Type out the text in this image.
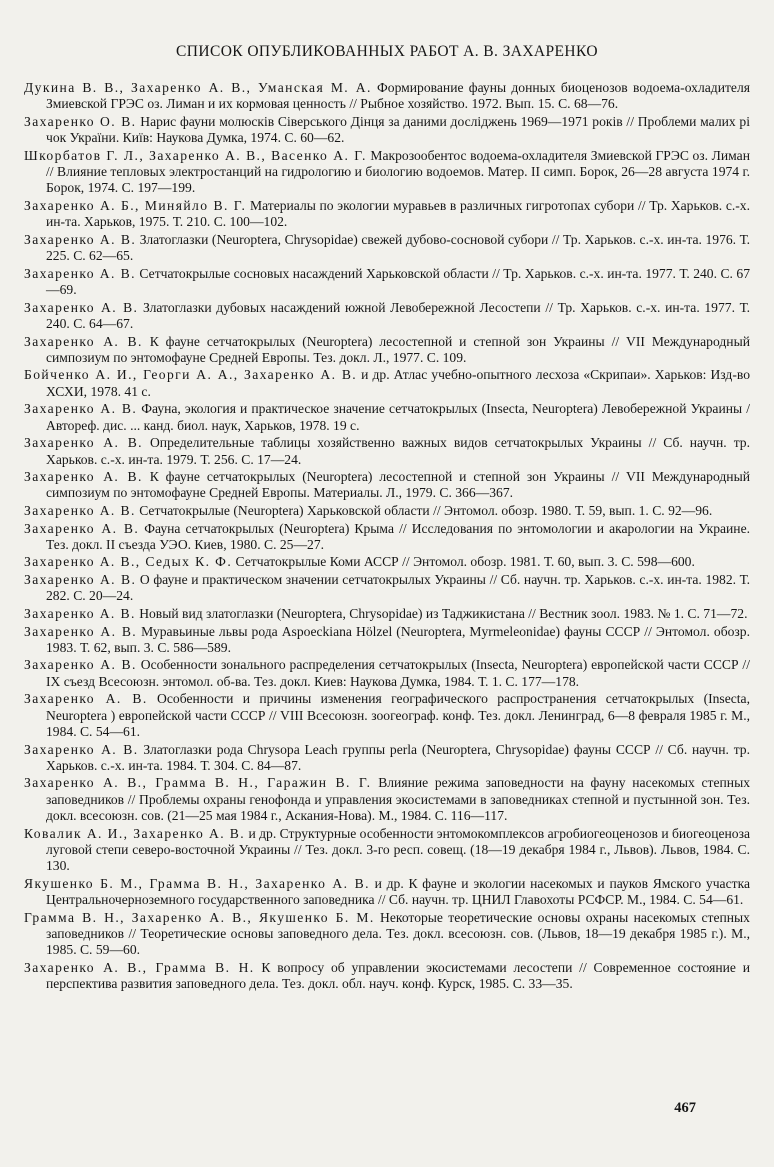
СПИСОК ОПУБЛИКОВАННЫХ РАБОТ А. В. ЗАХАРЕНКО

Дукина В. В., Захаренко А. В., Уманская М. А. Формирование фауны донных биоценозов водоема-охладителя Змиевской ГРЭС оз. Лиман и их кормовая ценность // Рыбное хозяйство. 1972. Вып. 15. С. 68—76.

Захаренко О. В. Нарис фауни молюсків Сіверського Дінця за даними досліджень 1969—1971 років // Проблеми малих рі чок України. Київ: Наукова Думка, 1974. С. 60—62.

Шкорбатов Г. Л., Захаренко А. В., Васенко А. Г. Макрозообентос водоема-охладителя Змиевской ГРЭС оз. Лиман // Влияние тепловых электростанций на гидрологию и биологию водоемов. Матер. II симп. Борок, 26—28 августа 1974 г. Борок, 1974. С. 197—199.

Захаренко А. Б., Миняйло В. Г. Материалы по экологии муравьев в различных гигротопах субори // Тр. Харьков. с.-х. ин-та. Харьков, 1975. Т. 210. С. 100—102.

Захаренко А. В. Златоглазки (Neuroptera, Chrysopidae) свежей дубово-сосновой субори // Тр. Харьков. с.-х. ин-та. 1976. Т. 225. С. 62—65.

Захаренко А. В. Сетчатокрылые сосновых насаждений Харьковской области // Тр. Харьков. с.-х. ин-та. 1977. Т. 240. С. 67—69.

Захаренко А. В. Златоглазки дубовых насаждений южной Левобережной Лесостепи // Тр. Харьков. с.-х. ин-та. 1977. Т. 240. С. 64—67.

Захаренко А. В. К фауне сетчатокрылых (Neuroptera) лесостепной и степной зон Украины // VII Международный симпозиум по энтомофауне Средней Европы. Тез. докл. Л., 1977. С. 109.

Бойченко А. И., Георги А. А., Захаренко А. В. и др. Атлас учебно-опытного лесхоза «Скрипаи». Харьков: Изд-во ХСХИ, 1978. 41 с.

Захаренко А. В. Фауна, экология и практическое значение сетчатокрылых (Insecta, Neuroptera) Левобережной Украины / Автореф. дис. ... канд. биол. наук, Харьков, 1978. 19 с.

Захаренко А. В. Определительные таблицы хозяйственно важных видов сетчатокрылых Украины // Сб. научн. тр. Харьков. с.-х. ин-та. 1979. Т. 256. С. 17—24.

Захаренко А. В. К фауне сетчатокрылых (Neuroptera) лесостепной и степной зон Украины // VII Международный симпозиум по энтомофауне Средней Европы. Материалы. Л., 1979. С. 366—367.

Захаренко А. В. Сетчатокрылые (Neuroptera) Харьковской области // Энтомол. обозр. 1980. Т. 59, вып. 1. С. 92—96.

Захаренко А. В. Фауна сетчатокрылых (Neuroptera) Крыма // Исследования по энтомологии и акарологии на Украине. Тез. докл. II съезда УЭО. Киев, 1980. С. 25—27.

Захаренко А. В., Седых К. Ф. Сетчатокрылые Коми АССР // Энтомол. обозр. 1981. Т. 60, вып. 3. С. 598—600.

Захаренко А. В. О фауне и практическом значении сетчатокрылых Украины // Сб. научн. тр. Харьков. с.-х. ин-та. 1982. Т. 282. С. 20—24.

Захаренко А. В. Новый вид златоглазки (Neuroptera, Chrysopidae) из Таджикистана // Вестник зоол. 1983. № 1. С. 71—72.

Захаренко А. В. Муравьиные львы рода Aspoeckiana Hölzel (Neuroptera, Myrmeleonidae) фауны СССР // Энтомол. обозр. 1983. Т. 62, вып. 3. С. 586—589.

Захаренко А. В. Особенности зонального распределения сетчатокрылых (Insecta, Neuroptera) европейской части СССР // IX съезд Всесоюзн. энтомол. об-ва. Тез. докл. Киев: Наукова Думка, 1984. Т. 1. С. 177—178.

Захаренко А. В. Особенности и причины изменения географического распространения сетчатокрылых (Insecta, Neuroptera ) европейской части СССР // VIII Всесоюзн. зоогеограф. конф. Тез. докл. Ленинград, 6—8 февраля 1985 г. М., 1984. С. 54—61.

Захаренко А. В. Златоглазки рода Chrysopa Leach группы perla (Neuroptera, Chrysopidae) фауны СССР // Сб. научн. тр. Харьков. с.-х. ин-та. 1984. Т. 304. С. 84—87.

Захаренко А. В., Грамма В. Н., Гаражин В. Г. Влияние режима заповедности на фауну насекомых степных заповедников // Проблемы охраны генофонда и управления экосистемами в заповедниках степной и пустынной зон. Тез. докл. всесоюзн. сов. (21—25 мая 1984 г., Аскания-Нова). М., 1984. С. 116—117.

Ковалик А. И., Захаренко А. В. и др. Структурные особенности энтомокомплексов агробиогеоценозов и биогеоценоза луговой степи северо-восточной Украины // Тез. докл. 3-го респ. совещ. (18—19 декабря 1984 г., Львов). Львов, 1984. С. 130.

Якушенко Б. М., Грамма В. Н., Захаренко А. В. и др. К фауне и экологии насекомых и пауков Ямского участка Центральночерноземного государственного заповедника // Сб. научн. тр. ЦНИЛ Главохоты РСФСР. М., 1984. С. 54—61.

Грамма В. Н., Захаренко А. В., Якушенко Б. М. Некоторые теоретические основы охраны насекомых степных заповедников // Теоретические основы заповедного дела. Тез. докл. всесоюзн. сов. (Львов, 18—19 декабря 1985 г.). М., 1985. С. 59—60.

Захаренко А. В., Грамма В. Н. К вопросу об управлении экосистемами лесостепи // Современное состояние и перспектива развития заповедного дела. Тез. докл. обл. науч. конф. Курск, 1985. С. 33—35.

467
